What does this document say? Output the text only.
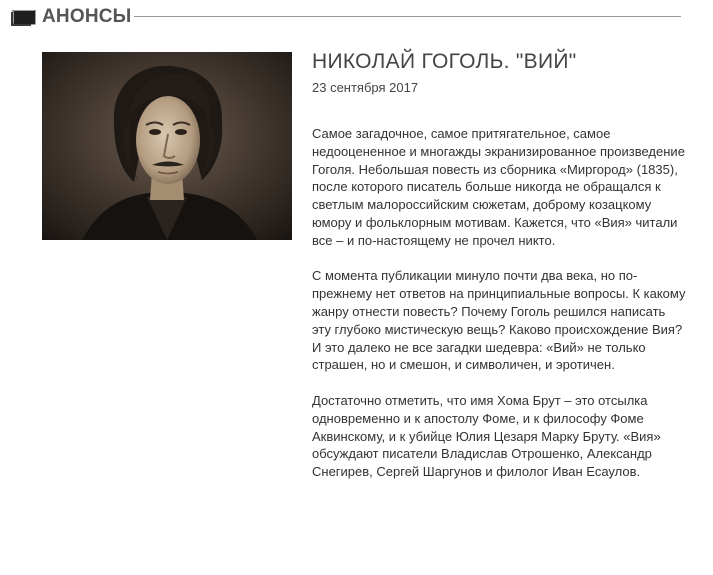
АНОНСЫ
НИКОЛАЙ ГОГОЛЬ. "ВИЙ"
23 сентября 2017

Самое загадочное, самое притягательное, самое недооцененное и многажды экранизированное произведение Гоголя. Небольшая повесть из сборника «Миргород» (1835), после которого писатель больше никогда не обращался к светлым малороссийским сюжетам, доброму козацкому юмору и фольклорным мотивам. Кажется, что «Вия» читали все – и по-настоящему не прочел никто.

С момента публикации минуло почти два века, но по-прежнему нет ответов на принципиальные вопросы. К какому жанру отнести повесть? Почему Гоголь решился написать эту глубоко мистическую вещь? Каково происхождение Вия? И это далеко не все загадки шедевра: «Вий» не только страшен, но и смешон, и символичен, и эротичен.

Достаточно отметить, что имя Хома Брут – это отсылка одновременно и к апостолу Фоме, и к философу Фоме Аквинскому, и к убийце Юлия Цезаря Марку Бруту. «Вия» обсуждают писатели Владислав Отрошенко, Александр Снегирев, Сергей Шаргунов и филолог Иван Есаулов.
